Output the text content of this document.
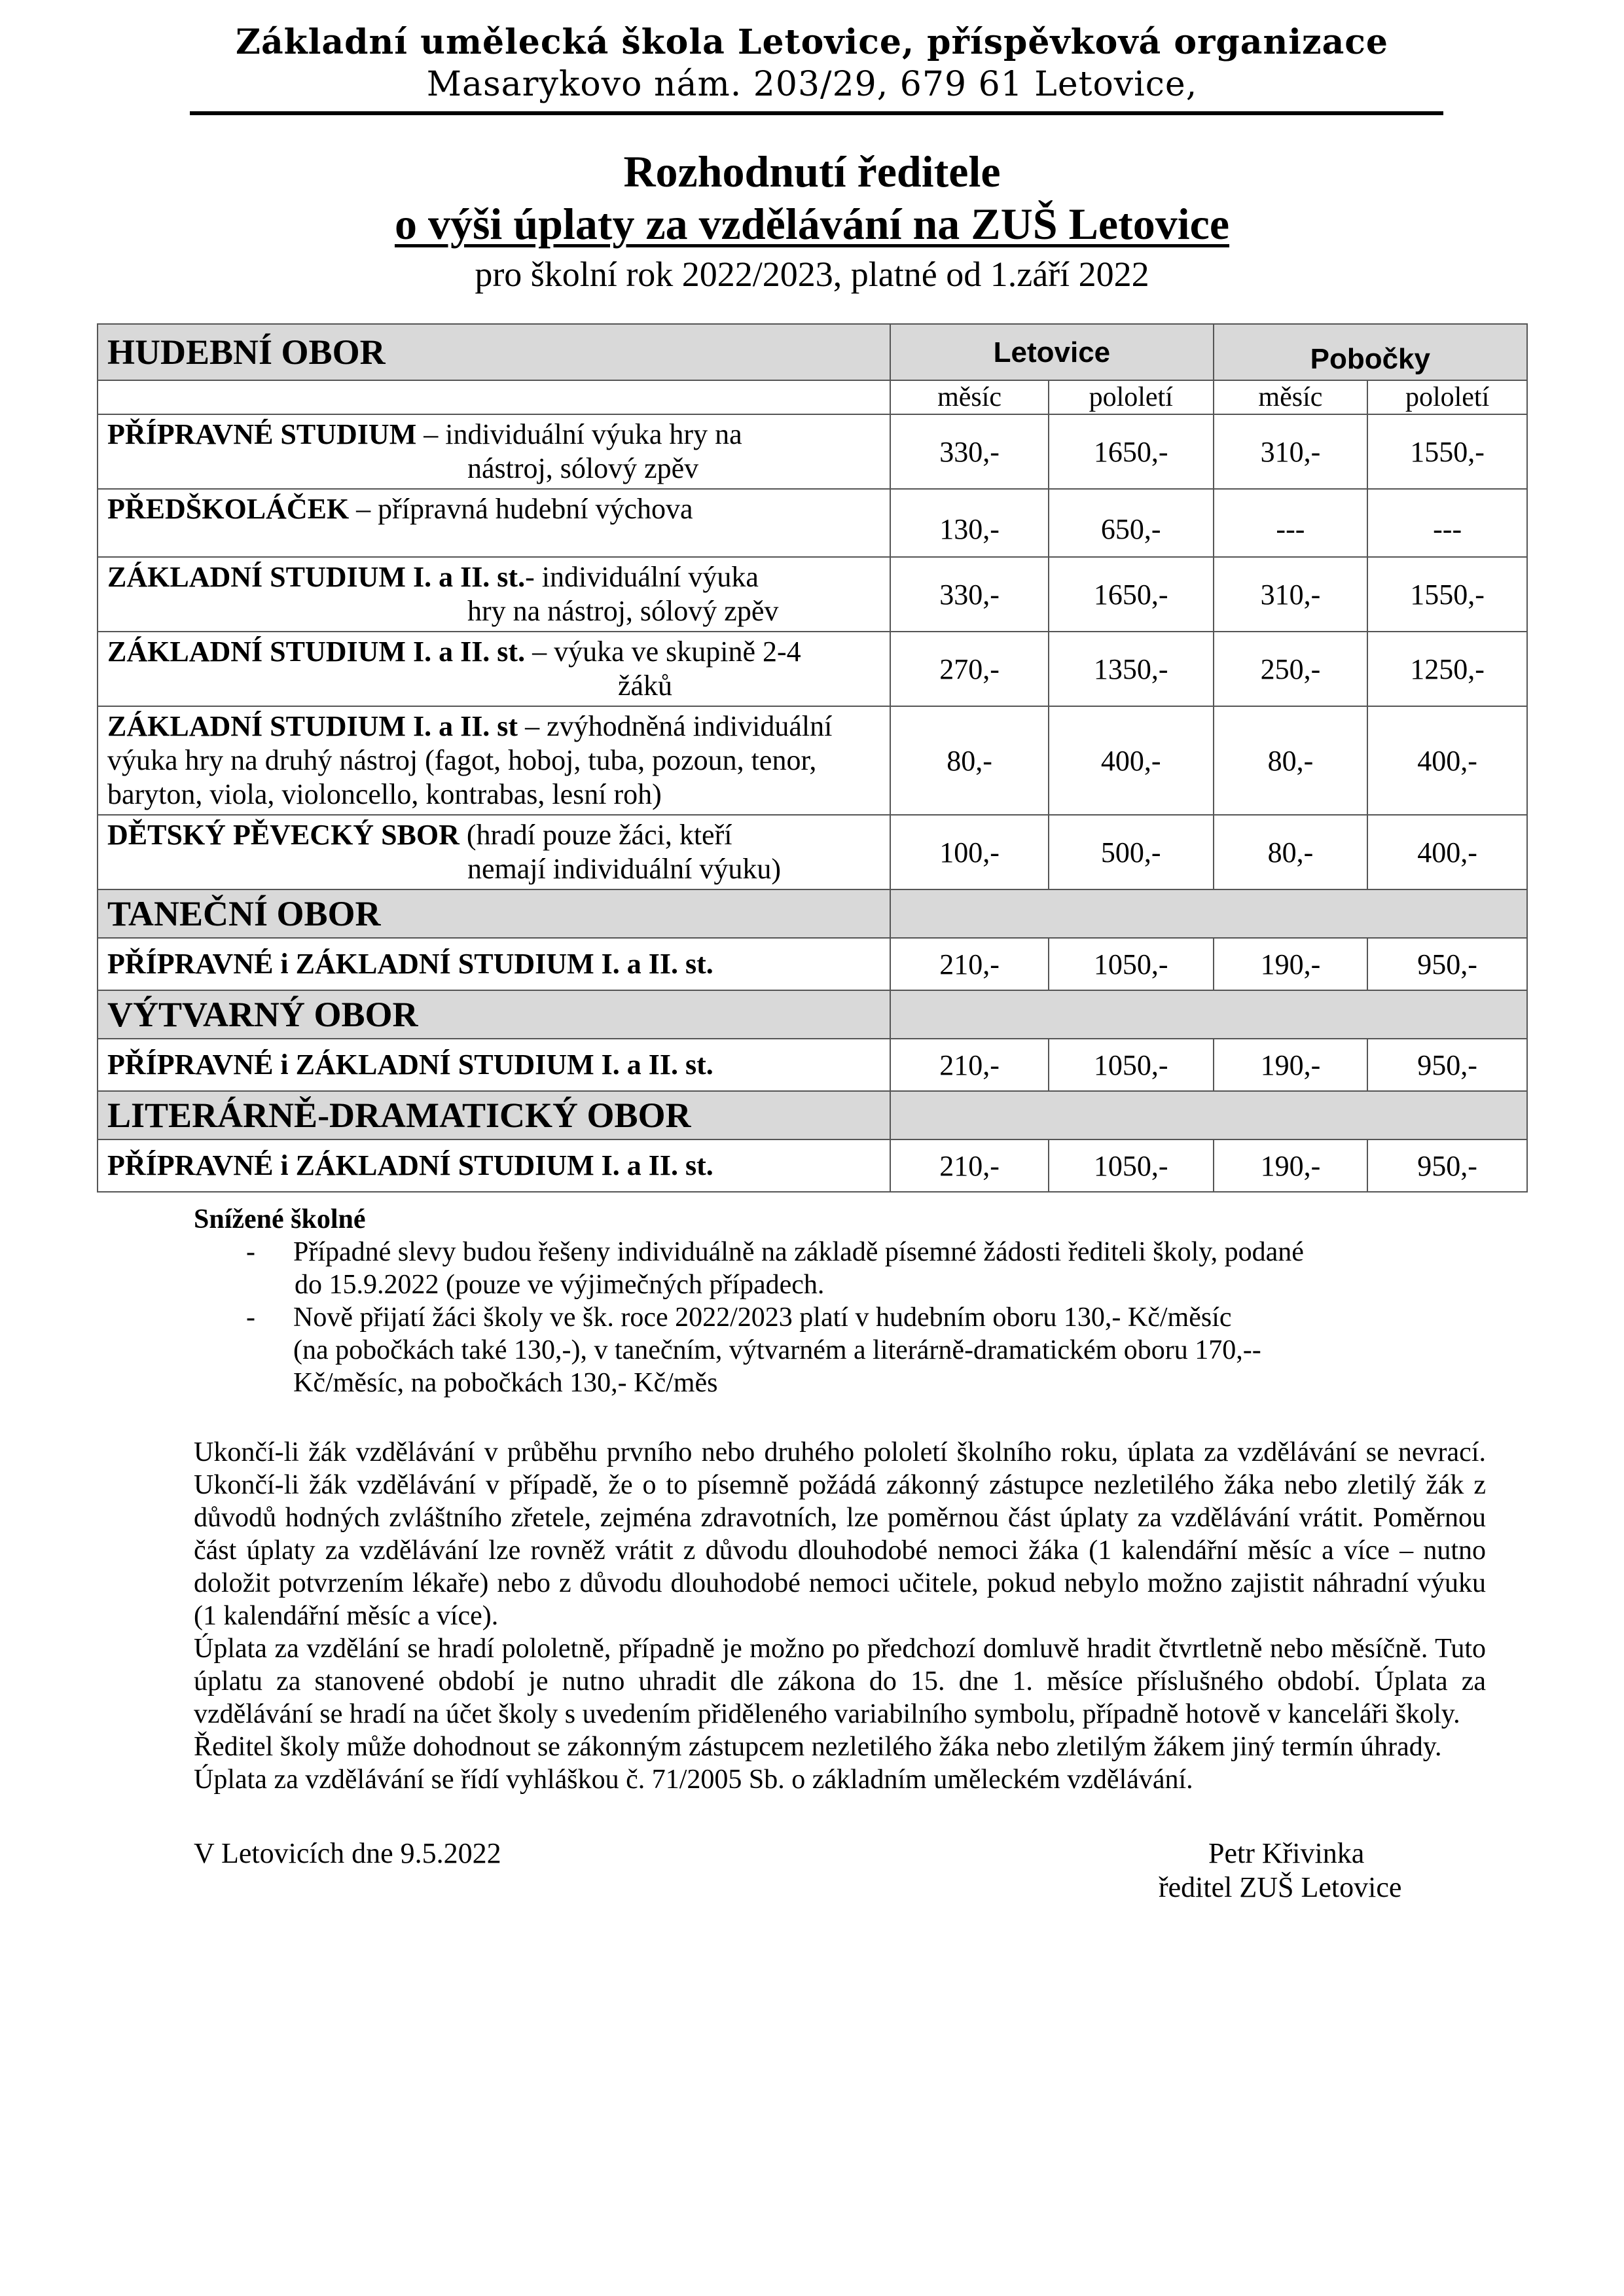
Základní umělecká škola Letovice, příspěvková organizace
Masarykovo nám. 203/29, 679 61 Letovice,
Rozhodnutí ředitele
o výši úplaty za vzdělávání na ZUŠ Letovice
pro školní rok 2022/2023, platné od 1.září 2022
HUDEBNÍ OBOR	Letovice		Pobočky	
	měsíc	pololetí	měsíc	pololetí
PŘÍPRAVNÉ STUDIUM – individuální výuka hry na
nástroj, sólový zpěv	330,-	1650,-	310,-	1550,-
PŘEDŠKOLÁČEK – přípravná hudební výchova	130,-	650,-	---	---
ZÁKLADNÍ STUDIUM I. a II. st.- individuální výuka
hry na nástroj, sólový zpěv	330,-	1650,-	310,-	1550,-
ZÁKLADNÍ STUDIUM I. a II. st. – výuka ve skupině 2-4
žáků	270,-	1350,-	250,-	1250,-
ZÁKLADNÍ STUDIUM I. a II. st – zvýhodněná individuální
výuka hry na druhý nástroj (fagot, hoboj, tuba, pozoun, tenor,
baryton, viola, violoncello, kontrabas, lesní roh)	80,-	400,-	80,-	400,-
DĚTSKÝ PĚVECKÝ SBOR (hradí pouze žáci, kteří
nemají individuální výuku)	100,-	500,-	80,-	400,-
TANEČNÍ OBOR				
PŘÍPRAVNÉ i ZÁKLADNÍ STUDIUM I. a II. st.	210,-	1050,-	190,-	950,-
VÝTVARNÝ OBOR				
PŘÍPRAVNÉ i ZÁKLADNÍ STUDIUM I. a II. st.	210,-	1050,-	190,-	950,-
LITERÁRNĚ-DRAMATICKÝ OBOR				
PŘÍPRAVNÉ i ZÁKLADNÍ STUDIUM I. a II. st.	210,-	1050,-	190,-	950,-
Snížené školné
- Případné slevy budou řešeny individuálně na základě písemné žádosti řediteli školy, podané
do 15.9.2022 (pouze ve výjimečných případech.
- Nově přijatí žáci školy ve šk. roce 2022/2023 platí v hudebním oboru 130,- Kč/měsíc
(na pobočkách také 130,-), v tanečním, výtvarném a literárně-dramatickém oboru 170,--
Kč/měsíc, na pobočkách 130,- Kč/měs

Ukončí-li žák vzdělávání v průběhu prvního nebo druhého pololetí školního roku, úplata za vzdělávání se nevrací. Ukončí-li žák vzdělávání v případě, že o to písemně požádá zákonný zástupce nezletilého žáka nebo zletilý žák z důvodů hodných zvláštního zřetele, zejména zdravotních, lze poměrnou část úplaty za vzdělávání vrátit. Poměrnou část úplaty za vzdělávání lze rovněž vrátit z důvodu dlouhodobé nemoci žáka (1 kalendářní měsíc a více – nutno doložit potvrzením lékaře) nebo z důvodu dlouhodobé nemoci učitele, pokud nebylo možno zajistit náhradní výuku (1 kalendářní měsíc a více).

Úplata za vzdělání se hradí pololetně, případně je možno po předchozí domluvě hradit čtvrtletně nebo měsíčně. Tuto úplatu za stanovené období je nutno uhradit dle zákona do 15. dne 1. měsíce příslušného období. Úplata za vzdělávání se hradí na účet školy s uvedením přiděleného variabilního symbolu, případně hotově v kanceláři školy.

Ředitel školy může dohodnout se zákonným zástupcem nezletilého žáka nebo zletilým žákem jiný termín úhrady.

Úplata za vzdělávání se řídí vyhláškou č. 71/2005 Sb. o základním uměleckém vzdělávání.

V Letovicích dne 9.5.2022	Petr Křivinka
ředitel ZUŠ Letovice
